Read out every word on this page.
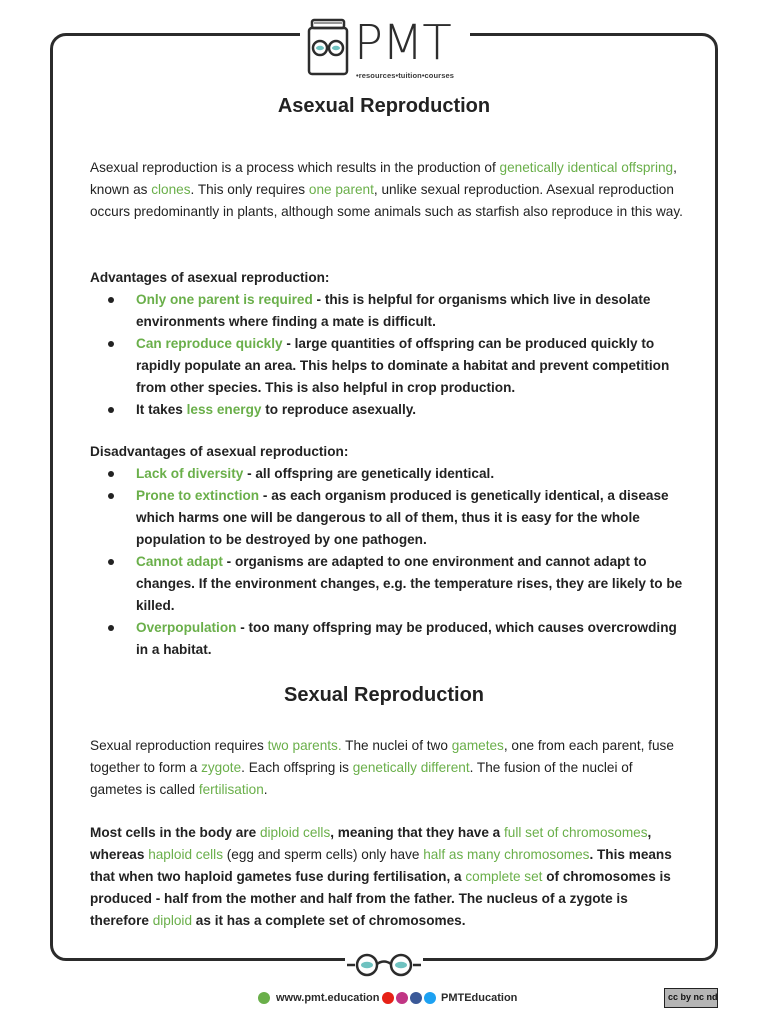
PMT
•resources•tuition•courses
Asexual Reproduction
Asexual reproduction is a process which results in the production of genetically identical offspring, known as clones. This only requires one parent, unlike sexual reproduction. Asexual reproduction occurs predominantly in plants, although some animals such as starfish also reproduce in this way.
Advantages of asexual reproduction:
Only one parent is required - this is helpful for organisms which live in desolate environments where finding a mate is difficult.
Can reproduce quickly - large quantities of offspring can be produced quickly to rapidly populate an area. This helps to dominate a habitat and prevent competition from other species. This is also helpful in crop production.
It takes less energy to reproduce asexually.
Disadvantages of asexual reproduction:
Lack of diversity - all offspring are genetically identical.
Prone to extinction - as each organism produced is genetically identical, a disease which harms one will be dangerous to all of them, thus it is easy for the whole population to be destroyed by one pathogen.
Cannot adapt - organisms are adapted to one environment and cannot adapt to changes. If the environment changes, e.g. the temperature rises, they are likely to be killed.
Overpopulation - too many offspring may be produced, which causes overcrowding in a habitat.
Sexual Reproduction
Sexual reproduction requires two parents. The nuclei of two gametes, one from each parent, fuse together to form a zygote. Each offspring is genetically different. The fusion of the nuclei of gametes is called fertilisation.
Most cells in the body are diploid cells, meaning that they have a full set of chromosomes, whereas haploid cells (egg and sperm cells) only have half as many chromosomes. This means that when two haploid gametes fuse during fertilisation, a complete set of chromosomes is produced - half from the mother and half from the father. The nucleus of a zygote is therefore diploid as it has a complete set of chromosomes.
www.pmt.education	PMTEducation	cc by nc nd
